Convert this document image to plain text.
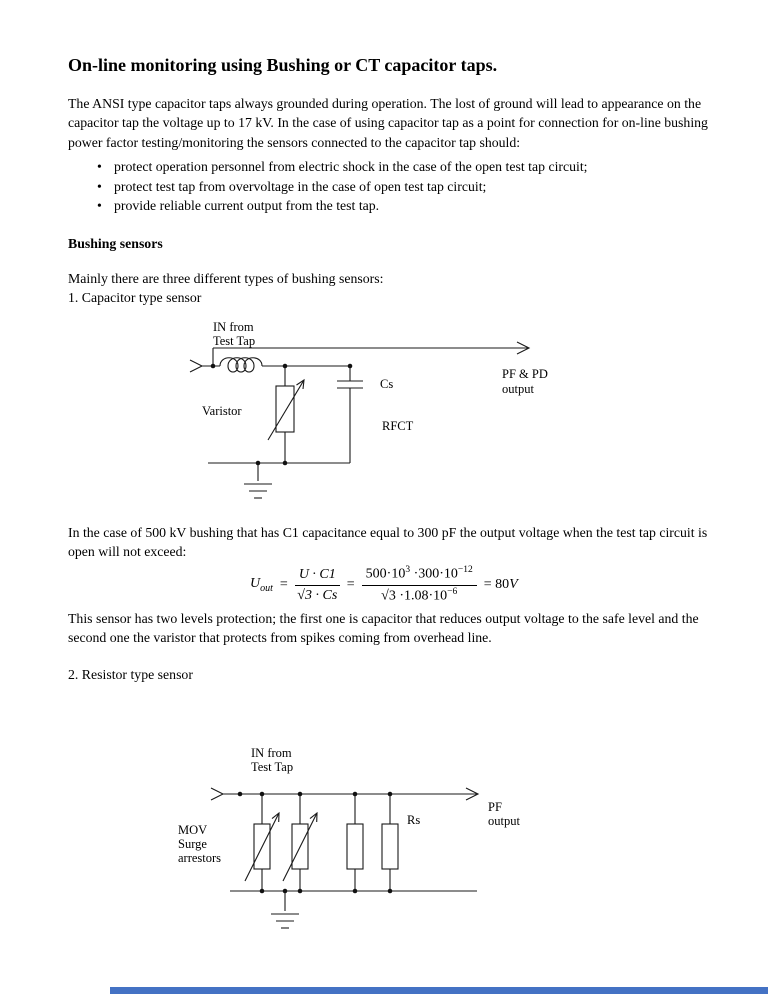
On-line monitoring using Bushing or CT capacitor taps.

The ANSI type capacitor taps always grounded during operation. The lost of ground will lead to appearance on the capacitor tap the voltage up to 17 kV. In the case of using capacitor tap as a point for connection for on-line bushing power factor testing/monitoring the sensors connected to the capacitor tap should:

• protect operation personnel from electric shock in the case of the open test tap circuit;
• protect test tap from overvoltage in the case of open test tap circuit;
• provide reliable current output from the test tap.

Bushing sensors

Mainly there are three different types of bushing sensors:
1. Capacitor type sensor

IN from
Test Tap
Varistor
Cs
RFCT
PF & PD
output

In the case of 500 kV bushing that has C1 capacitance equal to 300 pF the output voltage when the test tap circuit is open will not exceed:

$U_{out} = \frac{U \cdot C1}{√3 \cdot Cs} = \frac{500\cdot 10^3 \cdot 300\cdot 10^{-12}}{√3 \cdot 1.08\cdot 10^{-6}} = 80V$

This sensor has two levels protection; the first one is capacitor that reduces output voltage to the safe level and the second one the varistor that protects from spikes coming from overhead line.

2. Resistor type sensor

IN from
Test Tap
MOV
Surge
arrestors
Rs
PF
output
